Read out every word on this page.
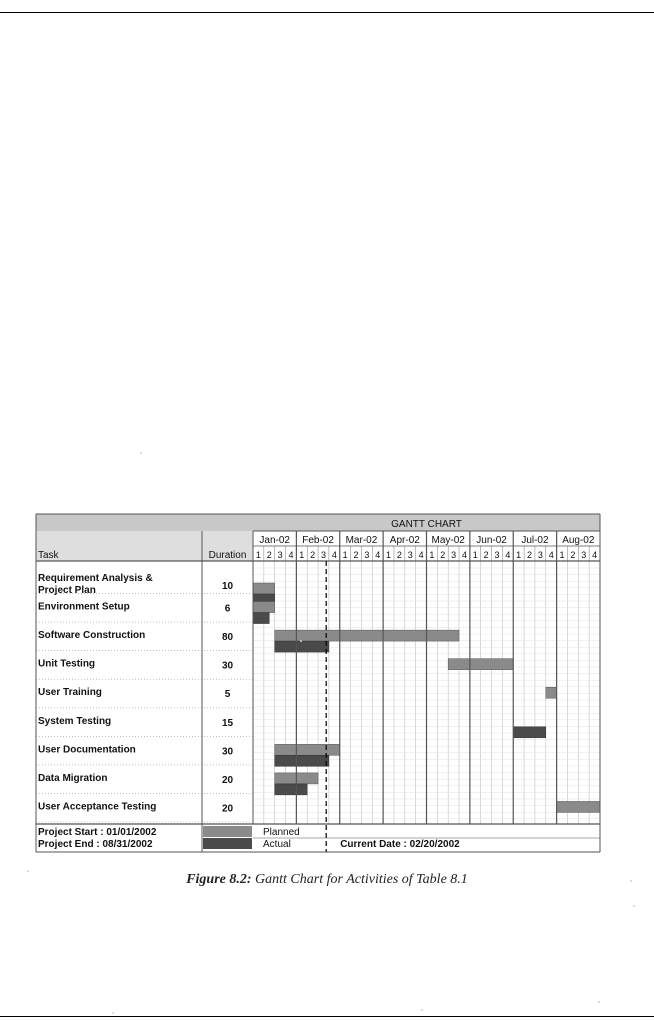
GANTT CHART
Task	Duration
Jan-02 Feb-02 Mar-02 Apr-02 May-02 Jun-02 Jul-02 Aug-02
1 2 3 4 1 2 3 4 1 2 3 4 1 2 3 4 1 2 3 4 1 2 3 4 1 2 3 4 1 2 3 4
Requirement Analysis &
Project Plan	10
Environment Setup	6
Software Construction	80
Unit Testing	30
User Training	5
System Testing	15
User Documentation	30
Data Migration	20
User Acceptance Testing	20
Project Start : 01/01/2002
Project End : 08/31/2002
Planned
Actual	Current Date : 02/20/2002
Figure 8.2: Gantt Chart for Activities of Table 8.1
